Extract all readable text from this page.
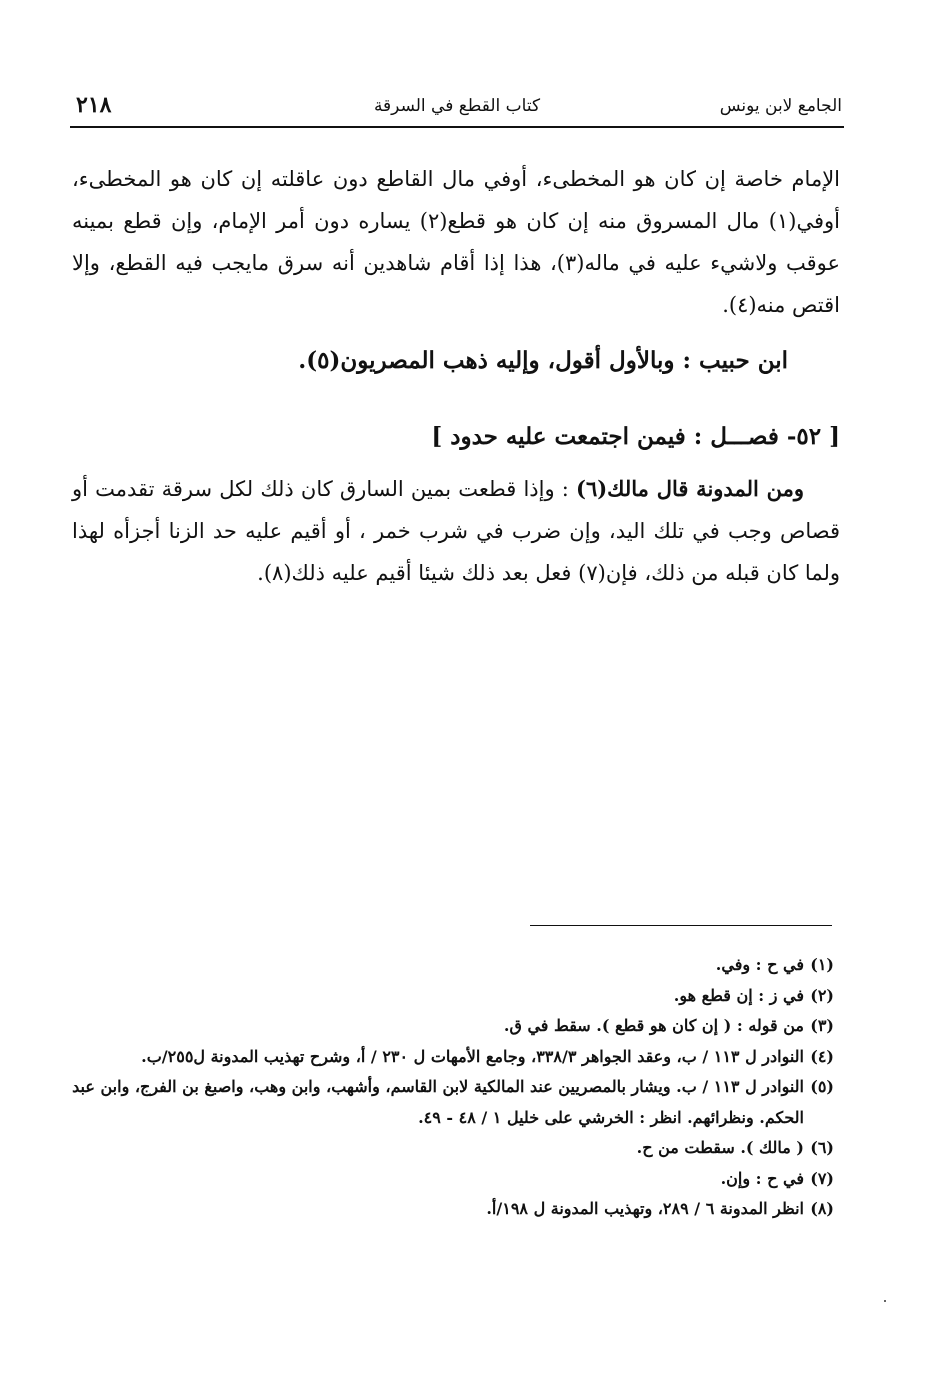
الجامع لابن يونس
كتاب القطع في السرقة
٢١٨
الإمام خاصة إن كان هو المخطىء، أوفي مال القاطع دون عاقلته إن كان هو المخطىء، أوفي(١) مال المسروق منه إن كان هو قطع(٢) يساره دون أمر الإمام، وإن قطع بمينه عوقب ولاشيء عليه في ماله(٣)، هذا إذا أقام شاهدين أنه سرق مايجب فيه القطع، وإلا اقتص منه(٤).
ابن حبيب : وبالأول أقول، وإليه ذهب المصريون(٥).
[ ٥٢- فصـــل : فيمن اجتمعت عليه حدود ]
ومن المدونة قال مالك(٦) : وإذا قطعت بمين السارق كان ذلك لكل سرقة تقدمت أو قصاص وجب في تلك اليد، وإن ضرب في شرب خمر ، أو أقيم عليه حد الزنا أجزأه لهذا ولما كان قبله من ذلك، فإن(٧) فعل بعد ذلك شيئا أقيم عليه ذلك(٨).
(١)في ح : وفي.
(٢)في ز : إن قطع هو.
(٣)من قوله : ( إن كان هو قطع ). سقط في ق.
(٤)النوادر ل ١١٣ / ب، وعقد الجواهر ٣٣٨/٣، وجامع الأمهات ل ٢٣٠ / أ، وشرح تهذيب المدونة ل٢٥٥/ب.
(٥)النوادر ل ١١٣ / ب. ويشار بالمصريين عند المالكية لابن القاسم، وأشهب، وابن وهب، واصبغ بن الفرج، وابن عبد الحكم. ونظرائهم. انظر : الخرشي على خليل ١ / ٤٨ - ٤٩.
(٦)( مالك ). سقطت من ح.
(٧)في ح : وإن.
(٨)انظر المدونة ٦ / ٢٨٩، وتهذيب المدونة ل ١٩٨/أ.
